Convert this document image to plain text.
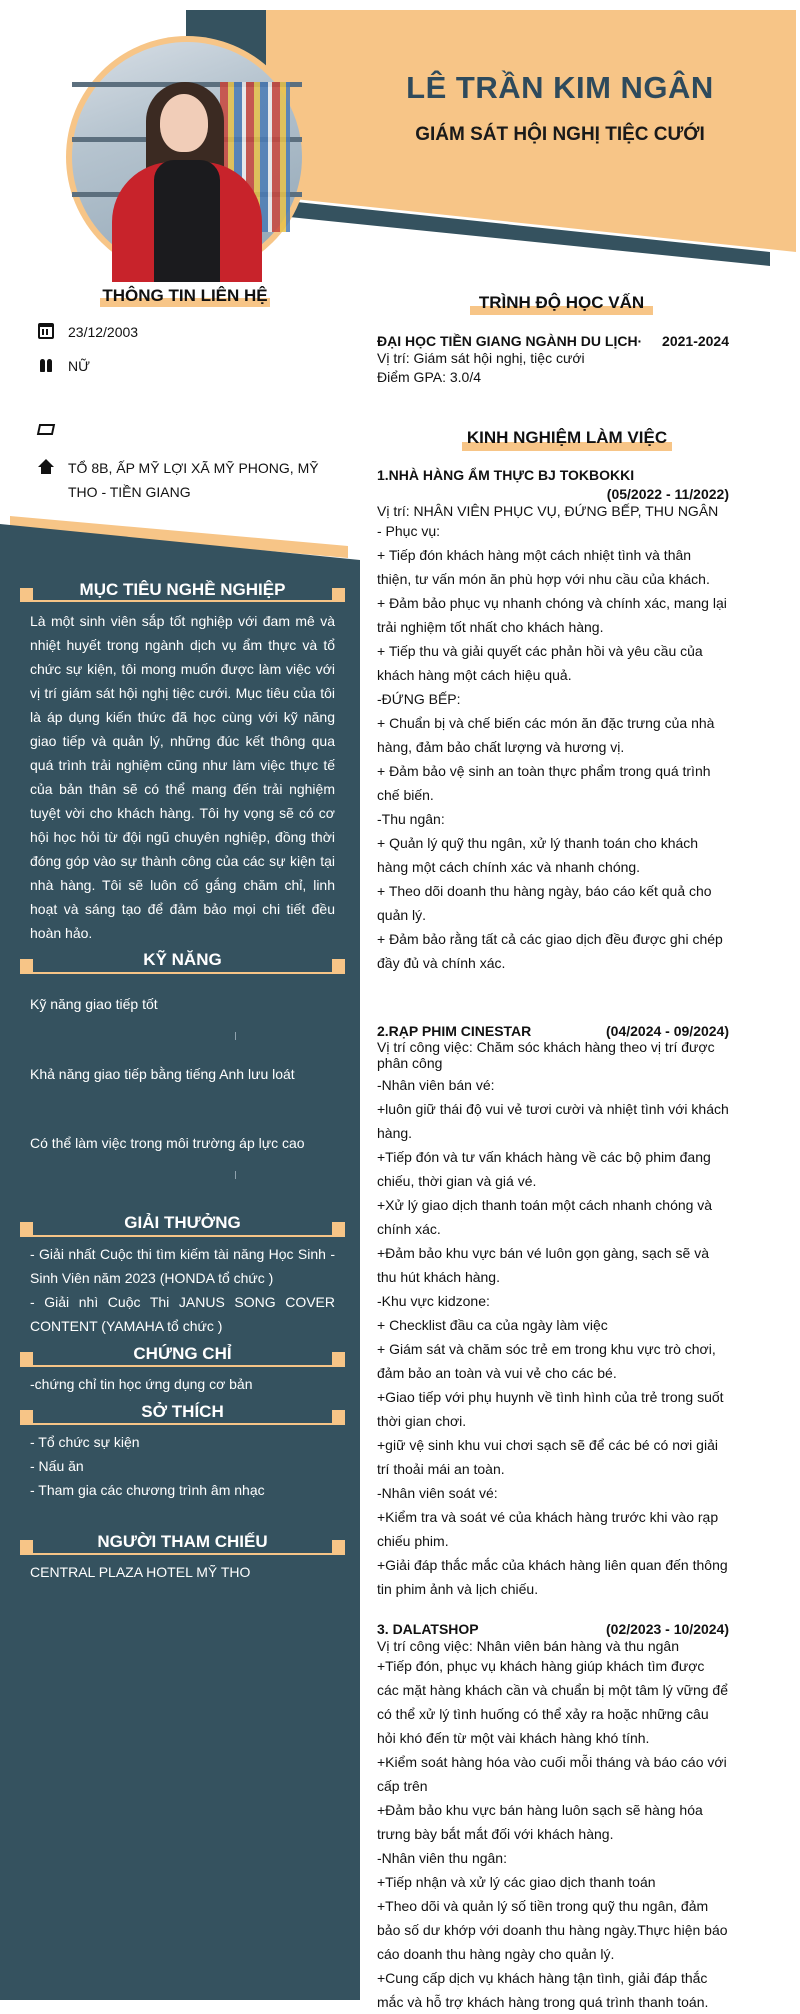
LÊ TRẦN KIM NGÂN
GIÁM SÁT HỘI NGHỊ TIỆC CƯỚI
THÔNG TIN LIÊN HỆ
23/12/2003
NỮ
TỔ 8B, ẤP MỸ LỢI XÃ MỸ PHONG, MỸ THO - TIỀN GIANG
MỤC TIÊU NGHỀ NGHIỆP
Là một sinh viên sắp tốt nghiệp với đam mê và nhiệt huyết trong ngành dịch vụ ẩm thực và tổ chức sự kiện, tôi mong muốn được làm việc với vị trí giám sát hội nghị tiệc cưới. Mục tiêu của tôi là áp dụng kiến thức đã học cùng với kỹ năng giao tiếp và quản lý, những đúc kết thông qua quá trình trải nghiệm cũng như làm việc thực tế của bản thân sẽ có thể mang đến trải nghiệm tuyệt vời cho khách hàng. Tôi hy vọng sẽ có cơ hội học hỏi từ đội ngũ chuyên nghiệp, đồng thời đóng góp vào sự thành công của các sự kiện tại nhà hàng. Tôi sẽ luôn cố gắng chăm chỉ, linh hoạt và sáng tạo để đảm bảo mọi chi tiết đều hoàn hảo.
KỸ NĂNG
Kỹ năng giao tiếp tốt
Khả năng giao tiếp bằng tiếng Anh lưu loát
Có thể làm việc trong môi trường áp lực cao
GIẢI THƯỞNG
- Giải nhất Cuộc thi tìm kiếm tài năng Học Sinh - Sinh Viên năm 2023 (HONDA tổ chức )
- Giải nhì Cuộc Thi JANUS SONG COVER CONTENT (YAMAHA tổ chức )
CHỨNG CHỈ
-chứng chỉ tin học ứng dụng cơ bản
SỞ THÍCH
- Tổ chức sự kiện
- Nấu ăn
- Tham gia các chương trình âm nhạc
NGƯỜI THAM CHIẾU
CENTRAL PLAZA HOTEL MỸ THO
TRÌNH ĐỘ HỌC VẤN
ĐẠI HỌC TIỀN GIANG NGÀNH DU LỊCH· 2021-2024
Vị trí: Giám sát hội nghị, tiệc cưới
Điểm GPA: 3.0/4
KINH NGHIỆM LÀM VIỆC
1.NHÀ HÀNG ẨM THỰC BJ TOKBOKKI
(05/2022 - 11/2022)
Vị trí: NHÂN VIÊN PHỤC VỤ, ĐỨNG BẾP, THU NGÂN
- Phục vụ:
+ Tiếp đón khách hàng một cách nhiệt tình và thân thiện, tư vấn món ăn phù hợp với nhu cầu của khách.
+ Đảm bảo phục vụ nhanh chóng và chính xác, mang lại trải nghiệm tốt nhất cho khách hàng.
+ Tiếp thu và giải quyết các phản hồi và yêu cầu của khách hàng một cách hiệu quả.
-ĐỨNG BẾP:
+ Chuẩn bị và chế biến các món ăn đặc trưng của nhà hàng, đảm bảo chất lượng và hương vị.
+ Đảm bảo vệ sinh an toàn thực phẩm trong quá trình chế biến.
-Thu ngân:
+ Quản lý quỹ thu ngân, xử lý thanh toán cho khách hàng một cách chính xác và nhanh chóng.
+ Theo dõi doanh thu hàng ngày, báo cáo kết quả cho quản lý.
+ Đảm bảo rằng tất cả các giao dịch đều được ghi chép đầy đủ và chính xác.
2.RẠP PHIM CINESTAR	(04/2024 - 09/2024)
Vị trí công việc: Chăm sóc khách hàng theo vị trí được phân công
-Nhân viên bán vé:
+luôn giữ thái độ vui vẻ tươi cười và nhiệt tình với khách hàng.
+Tiếp đón và tư vấn khách hàng về các bộ phim đang chiếu, thời gian và giá vé.
+Xử lý giao dịch thanh toán một cách nhanh chóng và chính xác.
+Đảm bảo khu vực bán vé luôn gọn gàng, sạch sẽ và thu hút khách hàng.
-Khu vực kidzone:
+ Checklist đầu ca của ngày làm việc
+ Giám sát và chăm sóc trẻ em trong khu vực trò chơi, đảm bảo an toàn và vui vẻ cho các bé.
+Giao tiếp với phụ huynh về tình hình của trẻ trong suốt thời gian chơi.
+giữ vệ sinh khu vui chơi sạch sẽ để các bé có nơi giải trí thoải mái an toàn.
-Nhân viên soát vé:
+Kiểm tra và soát vé của khách hàng trước khi vào rạp chiếu phim.
+Giải đáp thắc mắc của khách hàng liên quan đến thông tin phim ảnh và lịch chiếu.
3. DALATSHOP	(02/2023 - 10/2024)
Vị trí công việc: Nhân viên bán hàng và thu ngân
+Tiếp đón, phục vụ khách hàng giúp khách tìm được các mặt hàng khách cần và chuẩn bị một tâm lý vững để có thể xử lý tình huống có thể xảy ra hoặc những câu hỏi khó đến từ một vài khách hàng khó tính.
+Kiểm soát hàng hóa vào cuối mỗi tháng và báo cáo với cấp trên
+Đảm bảo khu vực bán hàng luôn sạch sẽ hàng hóa trưng bày bắt mắt đối với khách hàng.
-Nhân viên thu ngân:
+Tiếp nhận và xử lý các giao dịch thanh toán
+Theo dõi và quản lý số tiền trong quỹ thu ngân, đảm bảo số dư khớp với doanh thu hàng ngày.Thực hiện báo cáo doanh thu hàng ngày cho quản lý.
+Cung cấp dịch vụ khách hàng tận tình, giải đáp thắc mắc và hỗ trợ khách hàng trong quá trình thanh toán.
